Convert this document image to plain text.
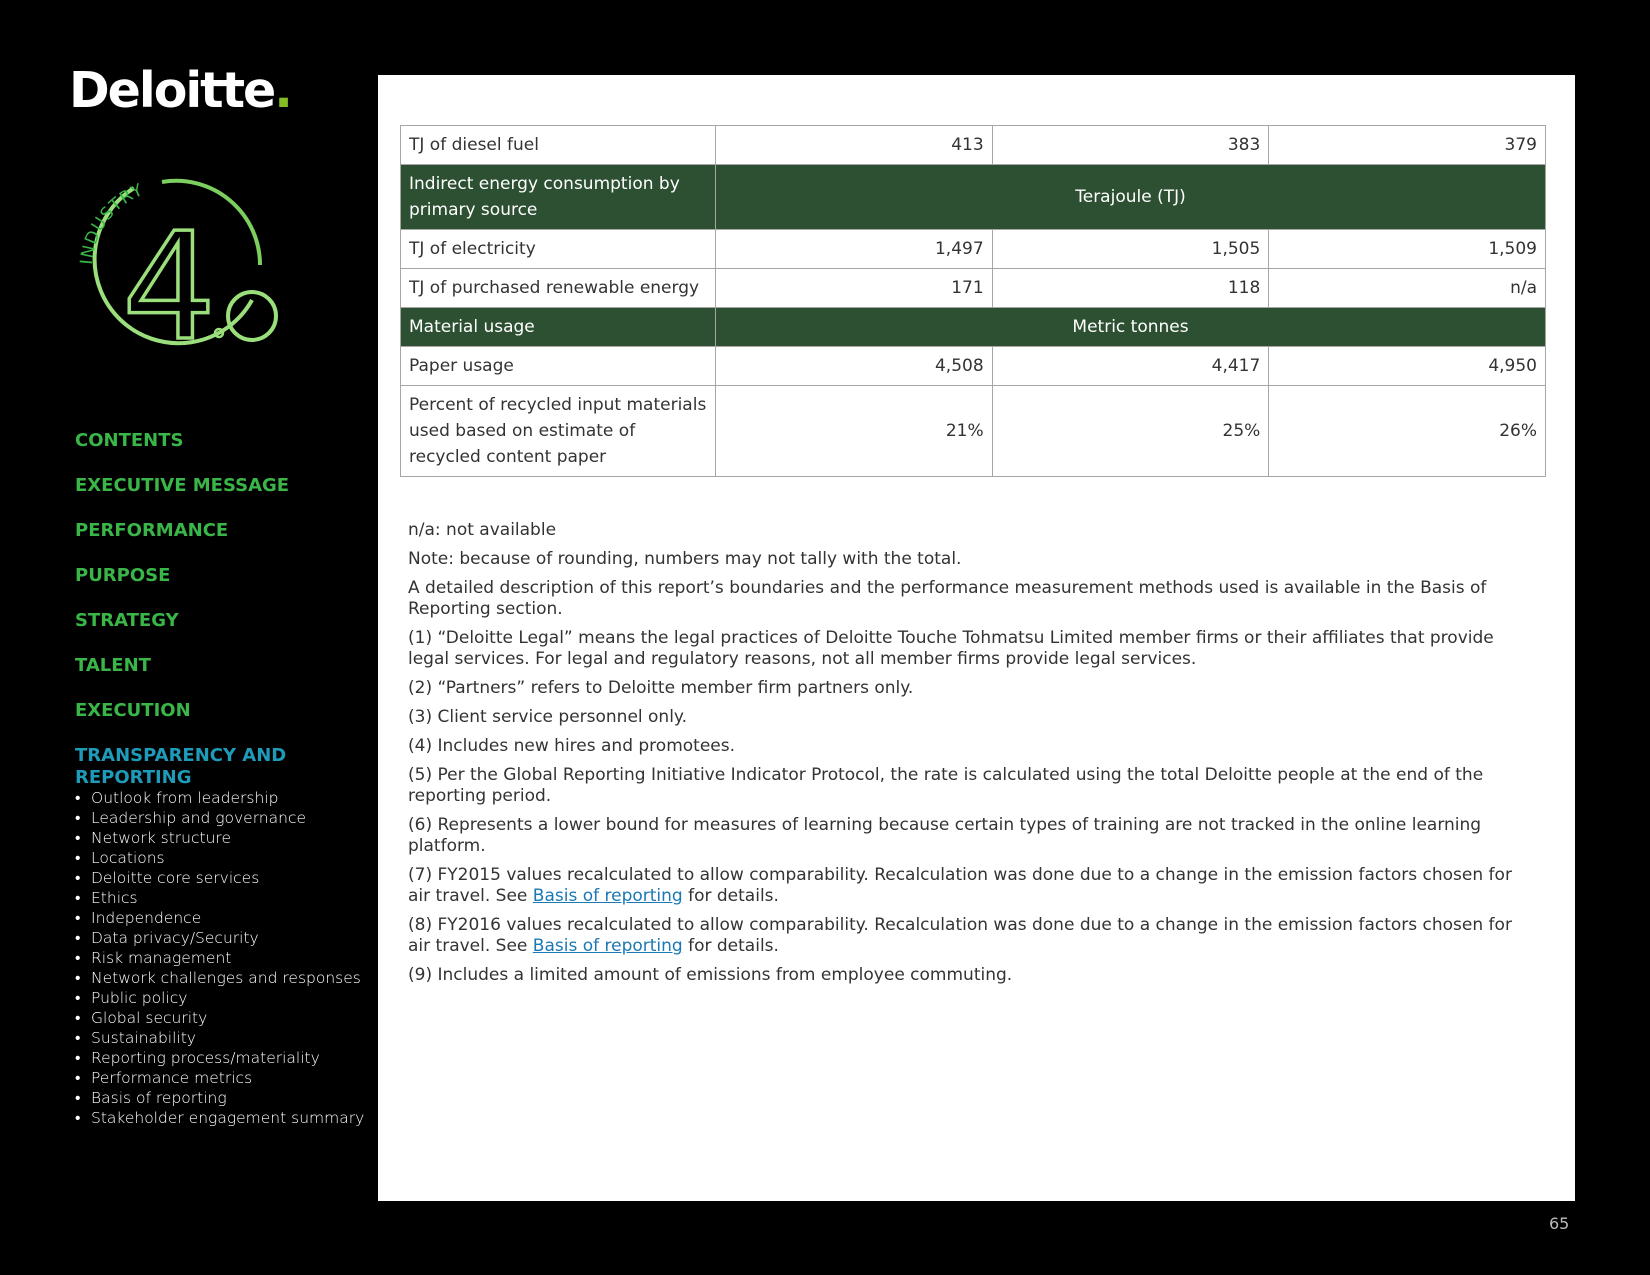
Deloitte.
INDUSTRY
4
CONTENTS
EXECUTIVE MESSAGE
PERFORMANCE
PURPOSE
STRATEGY
TALENT
EXECUTION
TRANSPARENCY AND REPORTING
• Outlook from leadership
• Leadership and governance
• Network structure
• Locations
• Deloitte core services
• Ethics
• Independence
• Data privacy/Security
• Risk management
• Network challenges and responses
• Public policy
• Global security
• Sustainability
• Reporting process/materiality
• Performance metrics
• Basis of reporting
• Stakeholder engagement summary
TJ of diesel fuel	413	383	379
Indirect energy consumption by primary source	Terajoule (TJ)		
TJ of electricity	1,497	1,505	1,509
TJ of purchased renewable energy	171	118	n/a
Material usage	Metric tonnes		
Paper usage	4,508	4,417	4,950
Percent of recycled input materials used based on estimate of recycled content paper	21%	25%	26%

n/a: not available

Note: because of rounding, numbers may not tally with the total.

A detailed description of this report’s boundaries and the performance measurement methods used is available in the Basis of Reporting section.

(1) “Deloitte Legal” means the legal practices of Deloitte Touche Tohmatsu Limited member firms or their affiliates that provide legal services. For legal and regulatory reasons, not all member firms provide legal services.

(2) “Partners” refers to Deloitte member firm partners only.

(3) Client service personnel only.

(4) Includes new hires and promotees.

(5) Per the Global Reporting Initiative Indicator Protocol, the rate is calculated using the total Deloitte people at the end of the reporting period.

(6) Represents a lower bound for measures of learning because certain types of training are not tracked in the online learning platform.

(7) FY2015 values recalculated to allow comparability. Recalculation was done due to a change in the emission factors chosen for air travel. See Basis of reporting for details.

(8) FY2016 values recalculated to allow comparability. Recalculation was done due to a change in the emission factors chosen for air travel. See Basis of reporting for details.

(9) Includes a limited amount of emissions from employee commuting.

65
